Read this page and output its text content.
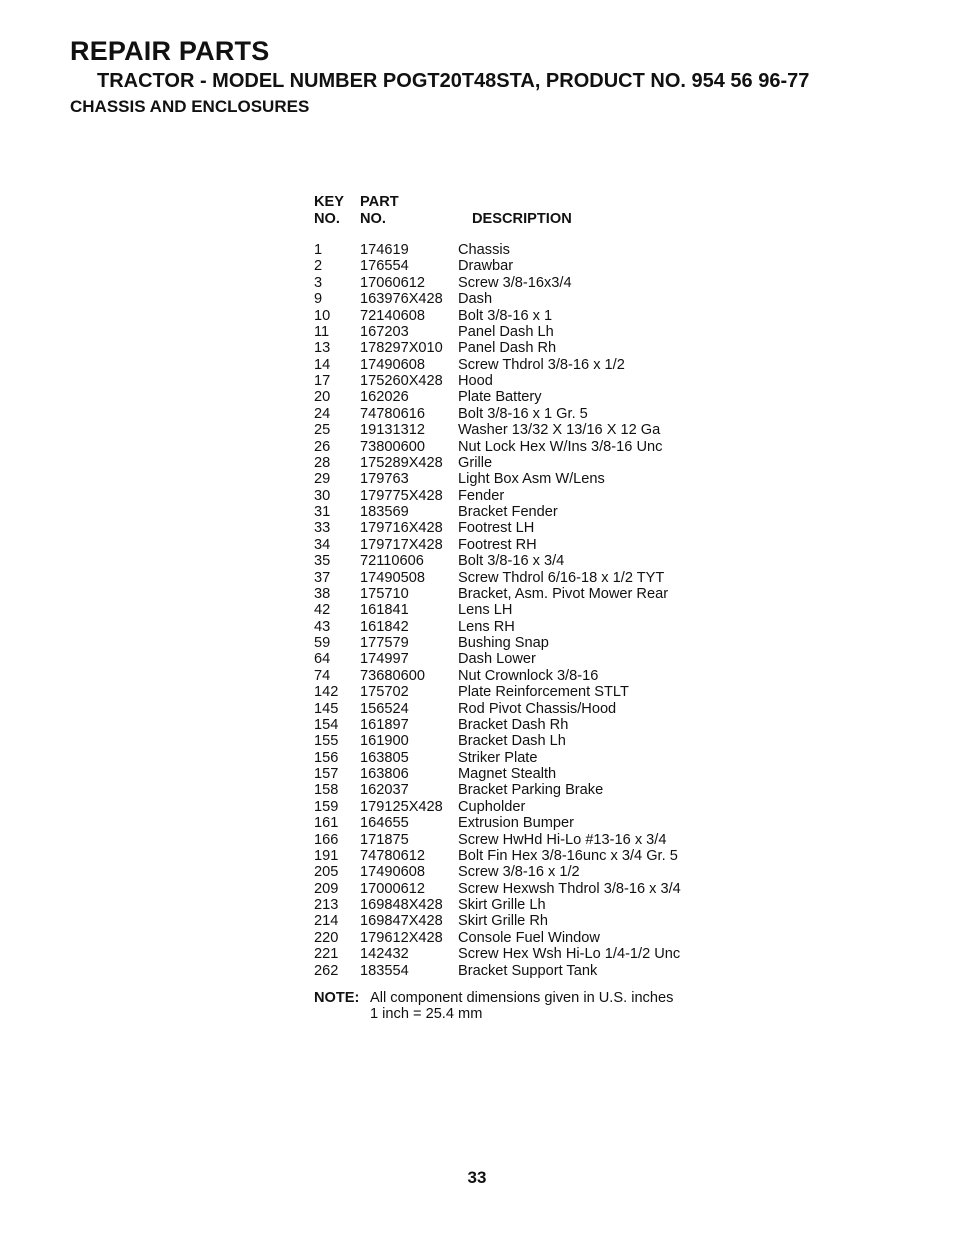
REPAIR PARTS
TRACTOR - MODEL NUMBER POGT20T48STA, PRODUCT NO. 954 56 96-77
CHASSIS AND ENCLOSURES
KEY
NO.
PART
NO.	DESCRIPTION
1	174619	Chassis
2	176554	Drawbar
3	17060612 Screw 3/8-16x3/4
9	163976X428 Dash
10 72140608 Bolt 3/8-16 x 1
11 167203	Panel Dash Lh
13 178297X010 Panel Dash Rh
14 17490608 Screw Thdrol 3/8-16 x 1/2
17 175260X428 Hood
20 162026	Plate Battery
24 74780616 Bolt 3/8-16 x 1 Gr. 5
25 19131312 Washer 13/32 X 13/16 X 12 Ga
26 73800600 Nut Lock Hex W/Ins 3/8-16 Unc
28 175289X428 Grille
29 179763	Light Box Asm W/Lens
30 179775X428 Fender
31 183569	Bracket Fender
33 179716X428 Footrest LH
34 179717X428 Footrest RH
35 72110606 Bolt 3/8-16 x 3/4
37 17490508 Screw Thdrol 6/16-18 x 1/2 TYT
38 175710	Bracket, Asm. Pivot Mower Rear
42 161841	Lens LH
43 161842	Lens RH
59 177579	Bushing Snap
64 174997	Dash Lower
74 73680600 Nut Crownlock 3/8-16
142 175702	Plate Reinforcement STLT
145 156524	Rod Pivot Chassis/Hood
154 161897	Bracket Dash Rh
155 161900	Bracket Dash Lh
156 163805	Striker Plate
157 163806	Magnet Stealth
158 162037	Bracket Parking Brake
159 179125X428 Cupholder
161 164655	Extrusion Bumper
166 171875	Screw HwHd Hi-Lo #13-16 x 3/4
191 74780612 Bolt Fin Hex 3/8-16unc x 3/4 Gr. 5
205 17490608 Screw 3/8-16 x 1/2
209 17000612 Screw Hexwsh Thdrol 3/8-16 x 3/4
213 169848X428 Skirt Grille Lh
214 169847X428 Skirt Grille Rh
220 179612X428 Console Fuel Window
221 142432	Screw Hex Wsh Hi-Lo 1/4-1/2 Unc
262 183554	Bracket Support Tank
NOTE: All component dimensions given in U.S. inches
1 inch = 25.4 mm
33
